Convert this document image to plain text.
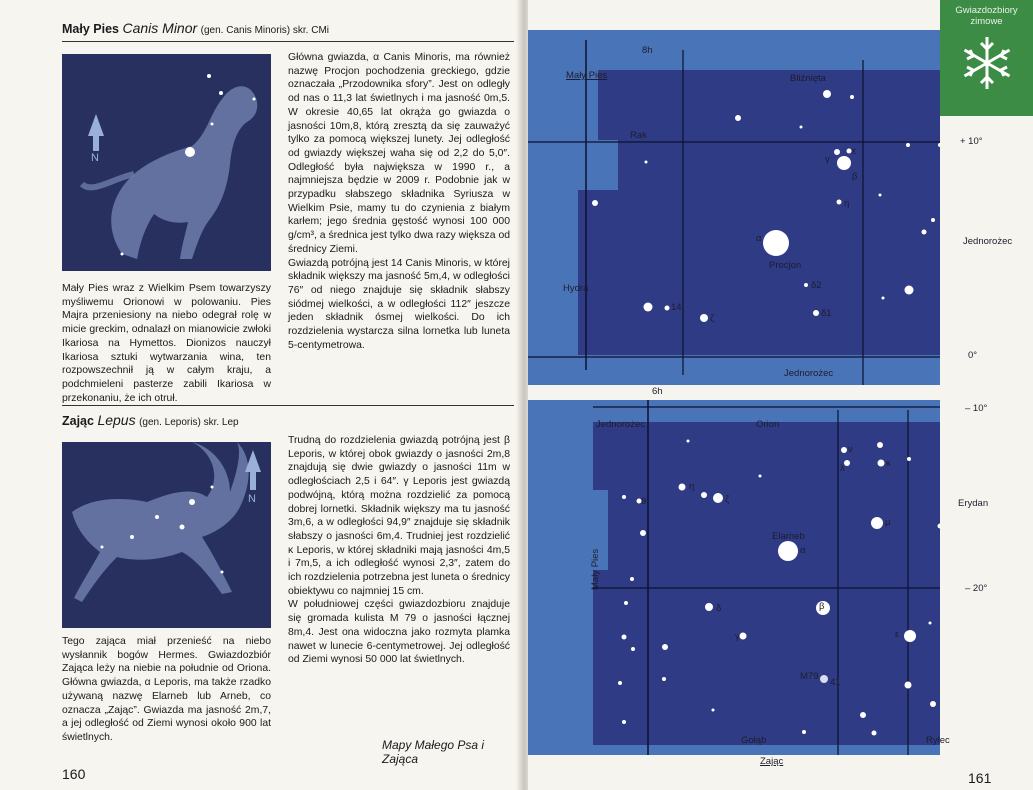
Mały Pies Canis Minor (gen. Canis Minoris) skr. CMi
N
Główna gwiazda, α Canis Minoris, ma również nazwę Procjon pochodzenia greckiego, gdzie oznaczała „Przodownika sfory”. Jest on odległy od nas o 11,3 lat świetlnych i ma jasność 0m,5. W okresie 40,65 lat okrąża go gwiazda o jasności 10m,8, którą zresztą da się zauważyć tylko za pomocą większej lunety. Jej odległość od gwiazdy większej waha się od 2,2 do 5,0″. Odległość była największa w 1990 r., a najmniejsza będzie w 2009 r. Podobnie jak w przypadku słabszego składnika Syriusza w Wielkim Psie, mamy tu do czynienia z białym karłem; jego średnia gęstość wynosi 100 000 g/cm³, a średnica jest tylko dwa razy większa od średnicy Ziemi.
Gwiazdą potrójną jest 14 Canis Minoris, w której składnik większy ma jasność 5m,4, w odległości 76″ od niego znajduje się składnik słabszy siódmej wielkości, a w odległości 112″ jeszcze jeden składnik ósmej wielkości. Do ich rozdzielenia wystarcza silna lornetka lub luneta 5-centymetrowa.
Mały Pies wraz z Wielkim Psem towarzyszy myśliwemu Orionowi w polowaniu. Pies Majra przeniesiony na niebo odegrał rolę w micie greckim, odnalazł on mianowicie zwłoki Ikariosa na Hymettos. Dionizos nauczył Ikariosa sztuki wytwarzania wina, ten rozpowszechnił ją w całym kraju, a podchmieleni pasterze zabili Ikariosa w przekonaniu, że ich otruł.
Zając Lepus (gen. Leporis) skr. Lep
N
Trudną do rozdzielenia gwiazdą potrójną jest β Leporis, w której obok gwiazdy o jasności 2m,8 znajdują się dwie gwiazdy o jasności 11m w odległościach 2,5 i 64″. γ Leporis jest gwiazdą podwójną, którą można rozdzielić za pomocą dobrej lornetki. Składnik większy ma tu jasność 3m,6, a w odległości 94,9″ znajduje się składnik słabszy o jasności 6m,4. Trudniej jest rozdzielić κ Leporis, w której składniki mają jasności 4m,5 i 7m,5, a ich odległość wynosi 2,3″, zatem do ich rozdzielenia potrzebna jest luneta o średnicy obiektywu co najmniej 15 cm.
W południowej części gwiazdozbioru znajduje się gromada kulista M 79 o jasności łącznej 8m,4. Jest ona widoczna jako rozmyta plamka nawet w lunecie 6-centymetrowej. Jej odległość od Ziemi wynosi 50 000 lat świetlnych.
Tego zająca miał przenieść na niebo wysłannik bogów Hermes. Gwiazdozbiór Zająca leży na niebie na południe od Oriona. Główna gwiazda, α Leporis, ma także rzadko używaną nazwę Elarneb lub Arneb, co oznacza „Zając”. Gwiazda ma jasność 2m,7, a jej odległość od Ziemi wynosi około 900 lat świetlnych.
Mapy Małego Psa i Zająca
160
Gwiazdozbiory
zimowe
8h
Mały Pies	Bliźnięta
Rak
+ 10°
Jednorożec
Hydra
0°
Jednorożec
Procjon
α
β
γ
ε
η
δ2
δ1
ζ
14
6h
– 10°
Jednorożec	Orion
Erydan
Elarneb
Mały Pies	– 20°
M79
41
Gołąb	Rylec
Zając
α
β
γ
δ
ε
ζ
η
θ
λ	κ
μ
ν
161
